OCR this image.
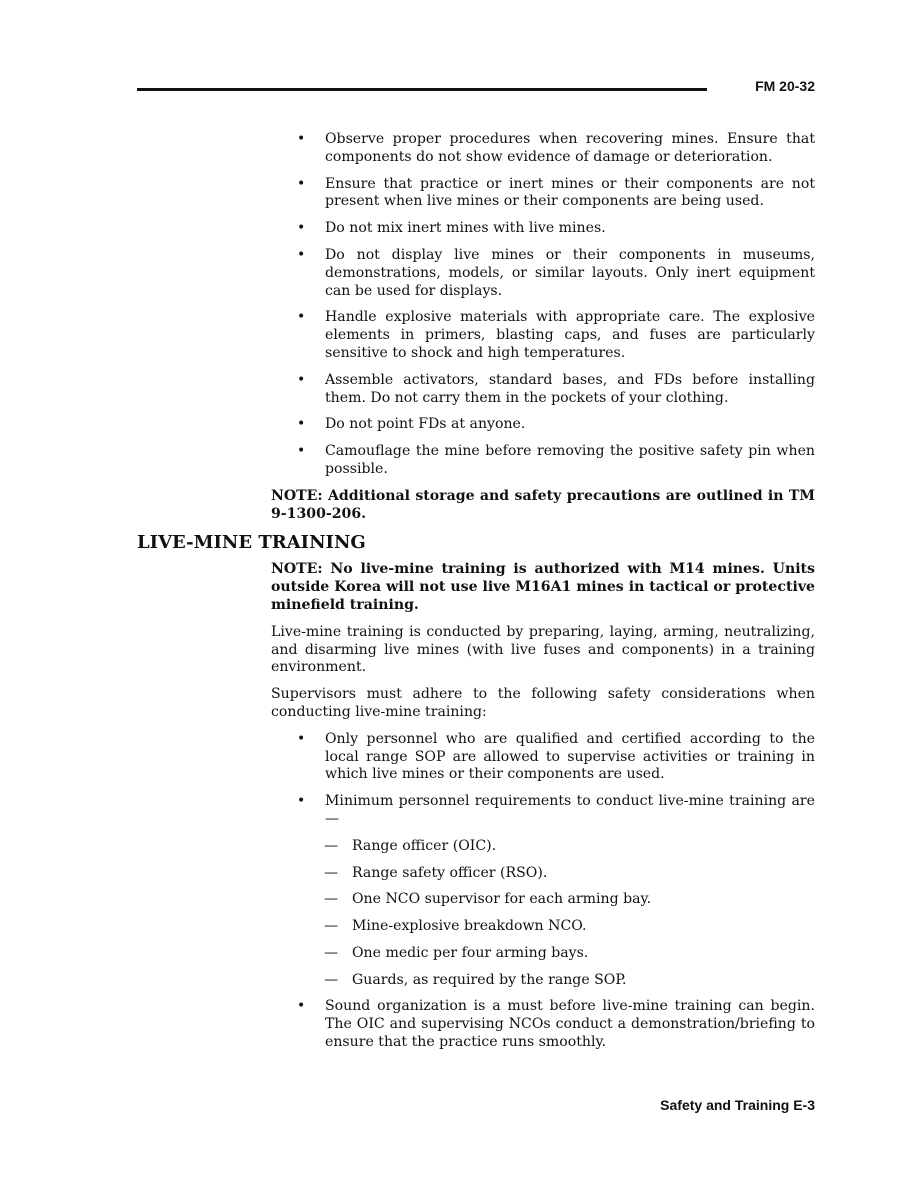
FM 20-32
• Observe proper procedures when recovering mines. Ensure that components do not show evidence of damage or deterioration.
• Ensure that practice or inert mines or their components are not present when live mines or their components are being used.
• Do not mix inert mines with live mines.
• Do not display live mines or their components in museums, demonstrations, models, or similar layouts. Only inert equipment can be used for displays.
• Handle explosive materials with appropriate care. The explosive elements in primers, blasting caps, and fuses are particularly sensitive to shock and high temperatures.
• Assemble activators, standard bases, and FDs before installing them. Do not carry them in the pockets of your clothing.
• Do not point FDs at anyone.
• Camouflage the mine before removing the positive safety pin when possible.
NOTE: Additional storage and safety precautions are outlined in TM 9-1300-206.
LIVE-MINE TRAINING
NOTE: No live-mine training is authorized with M14 mines. Units outside Korea will not use live M16A1 mines in tactical or protective minefield training.
Live-mine training is conducted by preparing, laying, arming, neutralizing, and disarming live mines (with live fuses and components) in a training environment.
Supervisors must adhere to the following safety considerations when conducting live-mine training:
• Only personnel who are qualified and certified according to the local range SOP are allowed to supervise activities or training in which live mines or their components are used.
• Minimum personnel requirements to conduct live-mine training are—
— Range officer (OIC).
— Range safety officer (RSO).
— One NCO supervisor for each arming bay.
— Mine-explosive breakdown NCO.
— One medic per four arming bays.
— Guards, as required by the range SOP.
• Sound organization is a must before live-mine training can begin. The OIC and supervising NCOs conduct a demonstration/briefing to ensure that the practice runs smoothly.
Safety and Training E-3
